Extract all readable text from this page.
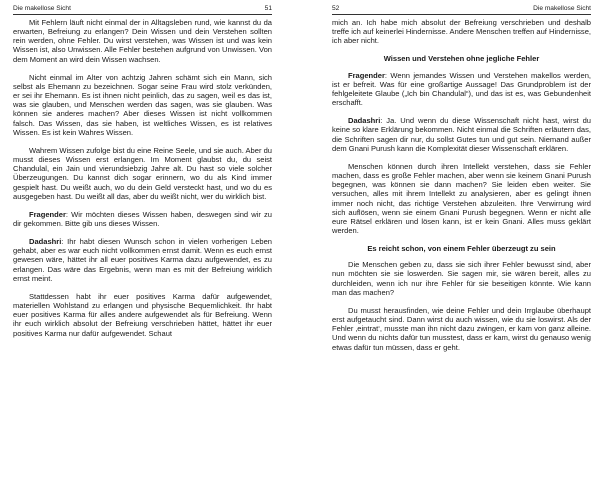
Die makellose Sicht	51

Mit Fehlern läuft nicht einmal der in Alltagsleben rund, wie kannst du da erwarten, Befreiung zu erlangen? Dein Wissen und dein Verstehen sollten rein werden, ohne Fehler. Du wirst verstehen, was Wissen ist und was kein Wissen ist, also Unwissen. Alle Fehler bestehen aufgrund von Unwissen. Von dem Moment an wird dein Wissen wachsen.

Nicht einmal im Alter von achtzig Jahren schämt sich ein Mann, sich selbst als Ehemann zu bezeichnen. Sogar seine Frau wird stolz verkünden, er sei ihr Ehemann. Es ist ihnen nicht peinlich, das zu sagen, weil es das ist, was sie glauben, und Menschen werden das sagen, was sie glauben. Was können sie anderes machen? Aber dieses Wissen ist nicht vollkommen falsch. Das Wissen, das sie haben, ist weltliches Wissen, es ist relatives Wissen. Es ist kein Wahres Wissen.

Wahrem Wissen zufolge bist du eine Reine Seele, und sie auch. Aber du musst dieses Wissen erst erlangen. Im Moment glaubst du, du seist Chandulal, ein Jain und vierundsiebzig Jahre alt. Du hast so viele solcher Überzeugungen. Du kannst dich sogar erinnern, wo du als Kind immer gespielt hast. Du weißt auch, wo du dein Geld versteckt hast, und wo du es ausgegeben hast. Du weißt all das, aber du weißt nicht, wer du wirklich bist.

Fragender: Wir möchten dieses Wissen haben, deswegen sind wir zu dir gekommen. Bitte gib uns dieses Wissen.

Dadashri: Ihr habt diesen Wunsch schon in vielen vorherigen Leben gehabt, aber es war euch nicht vollkommen ernst damit. Wenn es euch ernst gewesen wäre, hättet ihr all euer positives Karma dazu aufgewendet, es zu erlangen. Das wäre das Ergebnis, wenn man es mit der Befreiung wirklich ernst meint.

Stattdessen habt ihr euer positives Karma dafür aufgewendet, materiellen Wohlstand zu erlangen und physische Bequemlichkeit. Ihr habt euer positives Karma für alles andere aufgewendet als für Befreiung. Wenn ihr euch wirklich absolut der Befreiung verschrieben hättet, hättet ihr euer positives Karma nur dafür aufgewendet. Schaut

52	Die makellose Sicht

mich an. Ich habe mich absolut der Befreiung verschrieben und deshalb treffe ich auf keinerlei Hindernisse. Andere Menschen treffen auf Hindernisse, ich aber nicht.

Wissen und Verstehen ohne jegliche Fehler

Fragender: Wenn jemandes Wissen und Verstehen makellos werden, ist er befreit. Was für eine großartige Aussage! Das Grundproblem ist der fehlgeleitete Glaube („Ich bin Chandulal“), und das ist es, was Gebundenheit erschafft.

Dadashri: Ja. Und wenn du diese Wissenschaft nicht hast, wirst du keine so klare Erklärung bekommen. Nicht einmal die Schriften erläutern das, die Schriften sagen dir nur, du sollst Gutes tun und gut sein. Niemand außer dem Gnani Purush kann die Komplexität dieser Wissenschaft erklären.

Menschen können durch ihren Intellekt verstehen, dass sie Fehler machen, dass es große Fehler machen, aber wenn sie keinem Gnani Purush begegnen, was können sie dann machen? Sie leiden eben weiter. Sie versuchen, alles mit ihrem Intellekt zu analysieren, aber es gelingt ihnen immer noch nicht, das richtige Verstehen abzuleiten. Ihre Verwirrung wird sich auflösen, wenn sie einem Gnani Purush begegnen. Wenn er nicht alle eure Rätsel erklären und lösen kann, ist er kein Gnani. Alles muss geklärt werden.

Es reicht schon, von einem Fehler überzeugt zu sein

Die Menschen geben zu, dass sie sich ihrer Fehler bewusst sind, aber nun möchten sie sie loswerden. Sie sagen mir, sie wären bereit, alles zu durchleiden, wenn ich nur ihre Fehler für sie beseitigen könnte. Wie kann man das machen?

Du musst herausfinden, wie deine Fehler und dein Irrglaube überhaupt erst aufgetaucht sind. Dann wirst du auch wissen, wie du sie loswirst. Als der Fehler ‚eintrat‘, musste man ihn nicht dazu zwingen, er kam von ganz alleine. Und wenn du nichts dafür tun musstest, dass er kam, wirst du genauso wenig etwas dafür tun müssen, dass er geht.
